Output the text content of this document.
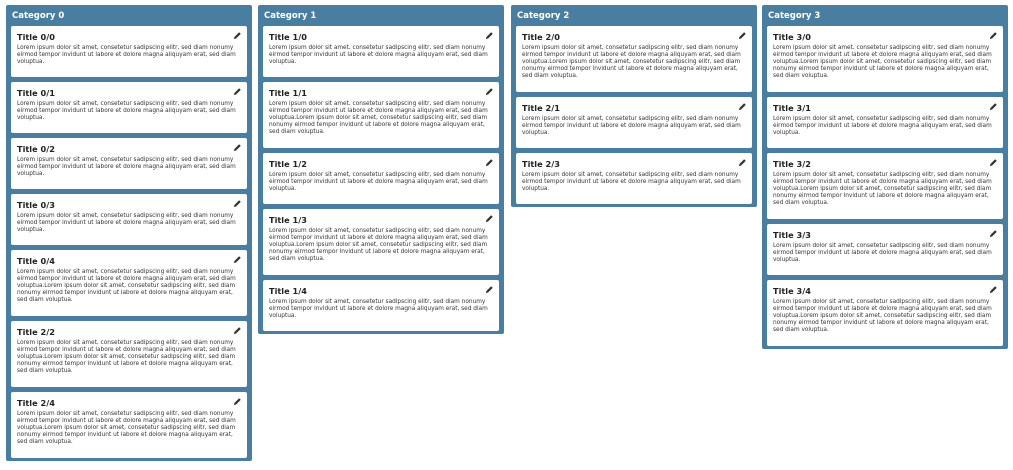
Category 0
Title 0/0
Lorem ipsum dolor sit amet, consetetur sadipscing elitr, sed diam nonumy eirmod tempor invidunt ut labore et dolore magna aliquyam erat, sed diam voluptua.
Title 0/1
Lorem ipsum dolor sit amet, consetetur sadipscing elitr, sed diam nonumy eirmod tempor invidunt ut labore et dolore magna aliquyam erat, sed diam voluptua.
Title 0/2
Lorem ipsum dolor sit amet, consetetur sadipscing elitr, sed diam nonumy eirmod tempor invidunt ut labore et dolore magna aliquyam erat, sed diam voluptua.
Title 0/3
Lorem ipsum dolor sit amet, consetetur sadipscing elitr, sed diam nonumy eirmod tempor invidunt ut labore et dolore magna aliquyam erat, sed diam voluptua.
Title 0/4
Lorem ipsum dolor sit amet, consetetur sadipscing elitr, sed diam nonumy eirmod tempor invidunt ut labore et dolore magna aliquyam erat, sed diam voluptua.Lorem ipsum dolor sit amet, consetetur sadipscing elitr, sed diam nonumy eirmod tempor invidunt ut labore et dolore magna aliquyam erat, sed diam voluptua.
Title 2/2
Lorem ipsum dolor sit amet, consetetur sadipscing elitr, sed diam nonumy eirmod tempor invidunt ut labore et dolore magna aliquyam erat, sed diam voluptua.Lorem ipsum dolor sit amet, consetetur sadipscing elitr, sed diam nonumy eirmod tempor invidunt ut labore et dolore magna aliquyam erat, sed diam voluptua.
Title 2/4
Lorem ipsum dolor sit amet, consetetur sadipscing elitr, sed diam nonumy eirmod tempor invidunt ut labore et dolore magna aliquyam erat, sed diam voluptua.Lorem ipsum dolor sit amet, consetetur sadipscing elitr, sed diam nonumy eirmod tempor invidunt ut labore et dolore magna aliquyam erat, sed diam voluptua.
Category 1
Title 1/0
Lorem ipsum dolor sit amet, consetetur sadipscing elitr, sed diam nonumy eirmod tempor invidunt ut labore et dolore magna aliquyam erat, sed diam voluptua.
Title 1/1
Lorem ipsum dolor sit amet, consetetur sadipscing elitr, sed diam nonumy eirmod tempor invidunt ut labore et dolore magna aliquyam erat, sed diam voluptua.Lorem ipsum dolor sit amet, consetetur sadipscing elitr, sed diam nonumy eirmod tempor invidunt ut labore et dolore magna aliquyam erat, sed diam voluptua.
Title 1/2
Lorem ipsum dolor sit amet, consetetur sadipscing elitr, sed diam nonumy eirmod tempor invidunt ut labore et dolore magna aliquyam erat, sed diam voluptua.
Title 1/3
Lorem ipsum dolor sit amet, consetetur sadipscing elitr, sed diam nonumy eirmod tempor invidunt ut labore et dolore magna aliquyam erat, sed diam voluptua.Lorem ipsum dolor sit amet, consetetur sadipscing elitr, sed diam nonumy eirmod tempor invidunt ut labore et dolore magna aliquyam erat, sed diam voluptua.
Title 1/4
Lorem ipsum dolor sit amet, consetetur sadipscing elitr, sed diam nonumy eirmod tempor invidunt ut labore et dolore magna aliquyam erat, sed diam voluptua.
Category 2
Title 2/0
Lorem ipsum dolor sit amet, consetetur sadipscing elitr, sed diam nonumy eirmod tempor invidunt ut labore et dolore magna aliquyam erat, sed diam voluptua.Lorem ipsum dolor sit amet, consetetur sadipscing elitr, sed diam nonumy eirmod tempor invidunt ut labore et dolore magna aliquyam erat, sed diam voluptua.
Title 2/1
Lorem ipsum dolor sit amet, consetetur sadipscing elitr, sed diam nonumy eirmod tempor invidunt ut labore et dolore magna aliquyam erat, sed diam voluptua.
Title 2/3
Lorem ipsum dolor sit amet, consetetur sadipscing elitr, sed diam nonumy eirmod tempor invidunt ut labore et dolore magna aliquyam erat, sed diam voluptua.
Category 3
Title 3/0
Lorem ipsum dolor sit amet, consetetur sadipscing elitr, sed diam nonumy eirmod tempor invidunt ut labore et dolore magna aliquyam erat, sed diam voluptua.Lorem ipsum dolor sit amet, consetetur sadipscing elitr, sed diam nonumy eirmod tempor invidunt ut labore et dolore magna aliquyam erat, sed diam voluptua.
Title 3/1
Lorem ipsum dolor sit amet, consetetur sadipscing elitr, sed diam nonumy eirmod tempor invidunt ut labore et dolore magna aliquyam erat, sed diam voluptua.
Title 3/2
Lorem ipsum dolor sit amet, consetetur sadipscing elitr, sed diam nonumy eirmod tempor invidunt ut labore et dolore magna aliquyam erat, sed diam voluptua.Lorem ipsum dolor sit amet, consetetur sadipscing elitr, sed diam nonumy eirmod tempor invidunt ut labore et dolore magna aliquyam erat, sed diam voluptua.
Title 3/3
Lorem ipsum dolor sit amet, consetetur sadipscing elitr, sed diam nonumy eirmod tempor invidunt ut labore et dolore magna aliquyam erat, sed diam voluptua.
Title 3/4
Lorem ipsum dolor sit amet, consetetur sadipscing elitr, sed diam nonumy eirmod tempor invidunt ut labore et dolore magna aliquyam erat, sed diam voluptua.Lorem ipsum dolor sit amet, consetetur sadipscing elitr, sed diam nonumy eirmod tempor invidunt ut labore et dolore magna aliquyam erat, sed diam voluptua.
